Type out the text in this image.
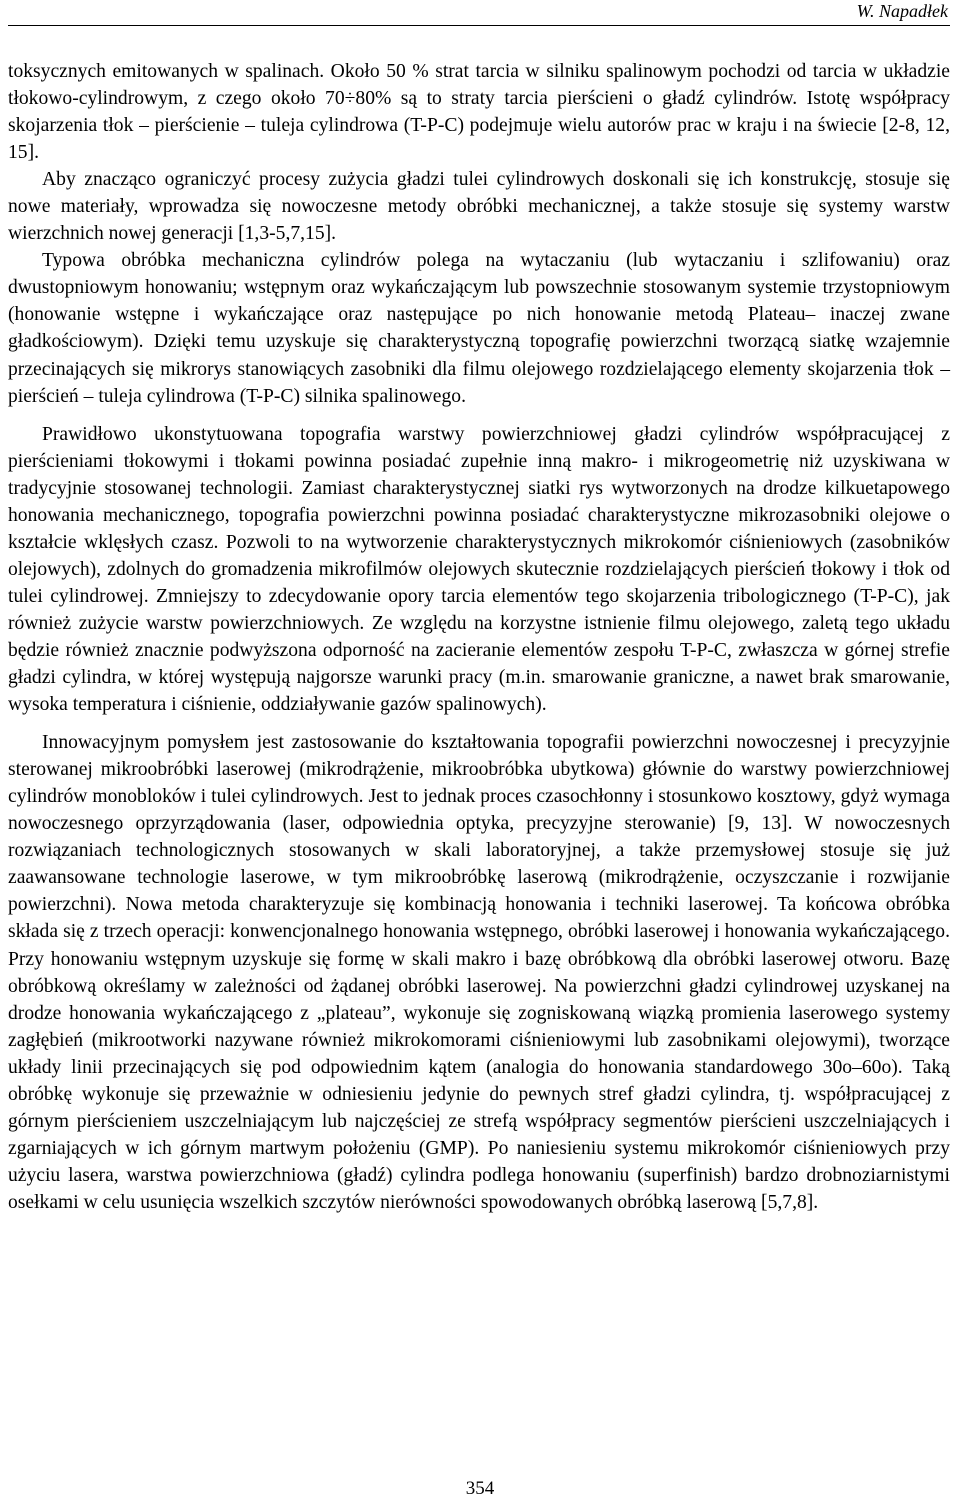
W. Napadłek

toksycznych emitowanych w spalinach. Około 50 % strat tarcia w silniku spalinowym pochodzi od tarcia w układzie tłokowo-cylindrowym, z czego około 70÷80% są to straty tarcia pierścieni o gładź cylindrów. Istotę współpracy skojarzenia tłok – pierścienie – tuleja cylindrowa (T-P-C) podejmuje wielu autorów prac w kraju i na świecie [2-8, 12, 15].

Aby znacząco ograniczyć procesy zużycia gładzi tulei cylindrowych doskonali się ich konstrukcję, stosuje się nowe materiały, wprowadza się nowoczesne metody obróbki mechanicznej, a także stosuje się systemy warstw wierzchnich nowej generacji [1,3-5,7,15].

Typowa obróbka mechaniczna cylindrów polega na wytaczaniu (lub wytaczaniu i szlifowaniu) oraz dwustopniowym honowaniu; wstępnym oraz wykańczającym lub powszechnie stosowanym systemie trzystopniowym (honowanie wstępne i wykańczające oraz następujące po nich honowanie metodą Plateau– inaczej zwane gładkościowym). Dzięki temu uzyskuje się charakterystyczną topografię powierzchni tworzącą siatkę wzajemnie przecinających się mikrorys stanowiących zasobniki dla filmu olejowego rozdzielającego elementy skojarzenia tłok – pierścień – tuleja cylindrowa (T-P-C) silnika spalinowego.

Prawidłowo ukonstytuowana topografia warstwy powierzchniowej gładzi cylindrów współpracującej z pierścieniami tłokowymi i tłokami powinna posiadać zupełnie inną makro- i mikrogeometrię niż uzyskiwana w tradycyjnie stosowanej technologii. Zamiast charakterystycznej siatki rys wytworzonych na drodze kilkuetapowego honowania mechanicznego, topografia powierzchni powinna posiadać charakterystyczne mikrozasobniki olejowe o kształcie wklęsłych czasz. Pozwoli to na wytworzenie charakterystycznych mikrokomór ciśnieniowych (zasobników olejowych), zdolnych do gromadzenia mikrofilmów olejowych skutecznie rozdzielających pierścień tłokowy i tłok od tulei cylindrowej. Zmniejszy to zdecydowanie opory tarcia elementów tego skojarzenia tribologicznego (T-P-C), jak również zużycie warstw powierzchniowych. Ze względu na korzystne istnienie filmu olejowego, zaletą tego układu będzie również znacznie podwyższona odporność na zacieranie elementów zespołu T-P-C, zwłaszcza w górnej strefie gładzi cylindra, w której występują najgorsze warunki pracy (m.in. smarowanie graniczne, a nawet brak smarowanie, wysoka temperatura i ciśnienie, oddziaływanie gazów spalinowych).

Innowacyjnym pomysłem jest zastosowanie do kształtowania topografii powierzchni nowoczesnej i precyzyjnie sterowanej mikroobróbki laserowej (mikrodrążenie, mikroobróbka ubytkowa) głównie do warstwy powierzchniowej cylindrów monobloków i tulei cylindrowych. Jest to jednak proces czasochłonny i stosunkowo kosztowy, gdyż wymaga nowoczesnego oprzyrządowania (laser, odpowiednia optyka, precyzyjne sterowanie) [9, 13]. W nowoczesnych rozwiązaniach technologicznych stosowanych w skali laboratoryjnej, a także przemysłowej stosuje się już zaawansowane technologie laserowe, w tym mikroobróbkę laserową (mikrodrążenie, oczyszczanie i rozwijanie powierzchni). Nowa metoda charakteryzuje się kombinacją honowania i techniki laserowej. Ta końcowa obróbka składa się z trzech operacji: konwencjonalnego honowania wstępnego, obróbki laserowej i honowania wykańczającego. Przy honowaniu wstępnym uzyskuje się formę w skali makro i bazę obróbkową dla obróbki laserowej otworu. Bazę obróbkową określamy w zależności od żądanej obróbki laserowej. Na powierzchni gładzi cylindrowej uzyskanej na drodze honowania wykańczającego z „plateau”, wykonuje się zogniskowaną wiązką promienia laserowego systemy zagłębień (mikrootworki nazywane również mikrokomorami ciśnieniowymi lub zasobnikami olejowymi), tworzące układy linii przecinających się pod odpowiednim kątem (analogia do honowania standardowego 30o–60o). Taką obróbkę wykonuje się przeważnie w odniesieniu jedynie do pewnych stref gładzi cylindra, tj. współpracującej z górnym pierścieniem uszczelniającym lub najczęściej ze strefą współpracy segmentów pierścieni uszczelniających i zgarniających w ich górnym martwym położeniu (GMP). Po naniesieniu systemu mikrokomór ciśnieniowych przy użyciu lasera, warstwa powierzchniowa (gładź) cylindra podlega honowaniu (superfinish) bardzo drobnoziarnistymi osełkami w celu usunięcia wszelkich szczytów nierówności spowodowanych obróbką laserową [5,7,8].

354
